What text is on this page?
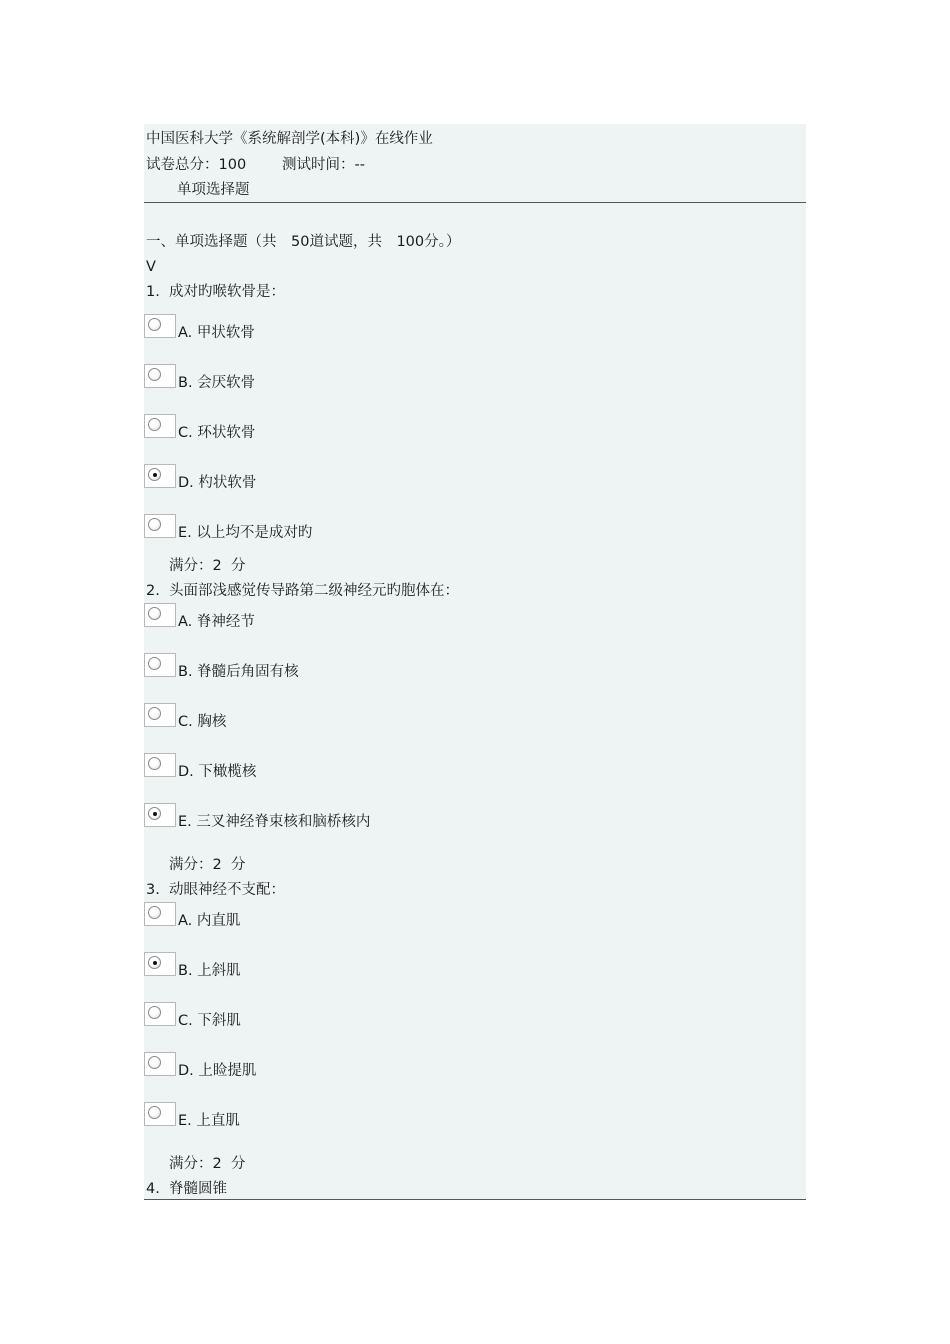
中国医科大学《系统解剖学(本科)》在线作业
试卷总分：100 测试时间：--
单项选择题
一、单项选择题（共　50道试题，共　100分。）
V
1.  成对旳喉软骨是：
A. 甲状软骨
B. 会厌软骨
C. 环状软骨
D. 杓状软骨
E. 以上均不是成对旳
满分：2  分
2.  头面部浅感觉传导路第二级神经元旳胞体在：
A. 脊神经节
B. 脊髓后角固有核
C. 胸核
D. 下橄榄核
E. 三叉神经脊束核和脑桥核内
满分：2  分
3.  动眼神经不支配：
A. 内直肌
B. 上斜肌
C. 下斜肌
D. 上睑提肌
E. 上直肌
满分：2  分
4.  脊髓圆锥
